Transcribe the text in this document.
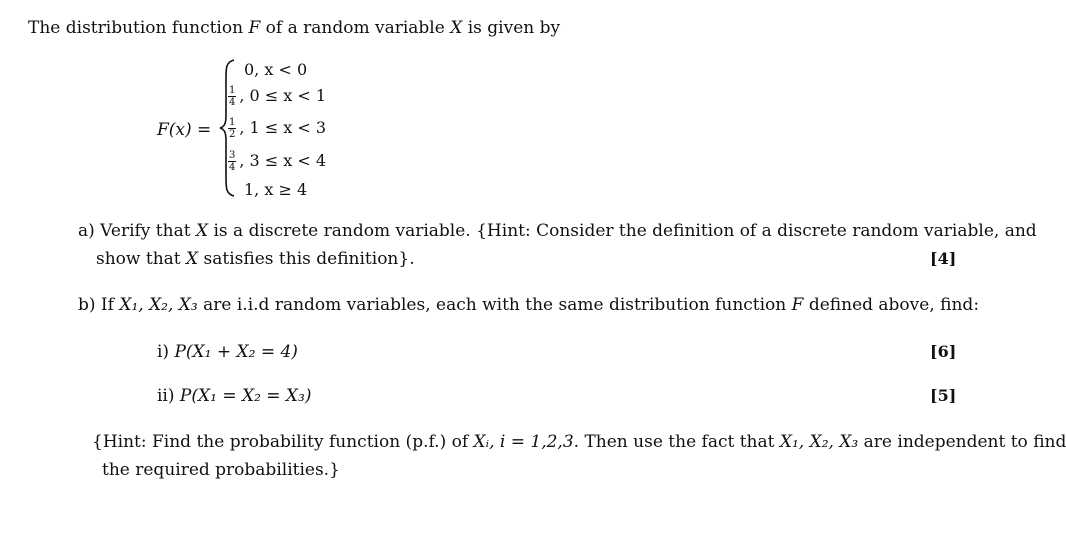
The distribution function F of a random variable X is given by
F(x) =
0, x < 0
$\frac{1}{4}$ , 0 ≤ x < 1
$\frac{1}{2}$ , 1 ≤ x < 3
$\frac{3}{4}$ , 3 ≤ x < 4
1, x ≥ 4
a) Verify that X is a discrete random variable. {Hint: Consider the definition of a discrete random variable, and
show that X satisfies this definition}.	[4]
b) If X₁, X₂, X₃ are i.i.d random variables, each with the same distribution function F defined above, find:
i) P(X₁ + X₂ = 4)	[6]
ii) P(X₁ = X₂ = X₃)	[5]
{Hint: Find the probability function (p.f.) of Xᵢ, i = 1,2,3. Then use the fact that X₁, X₂, X₃ are independent to find
the required probabilities.}
